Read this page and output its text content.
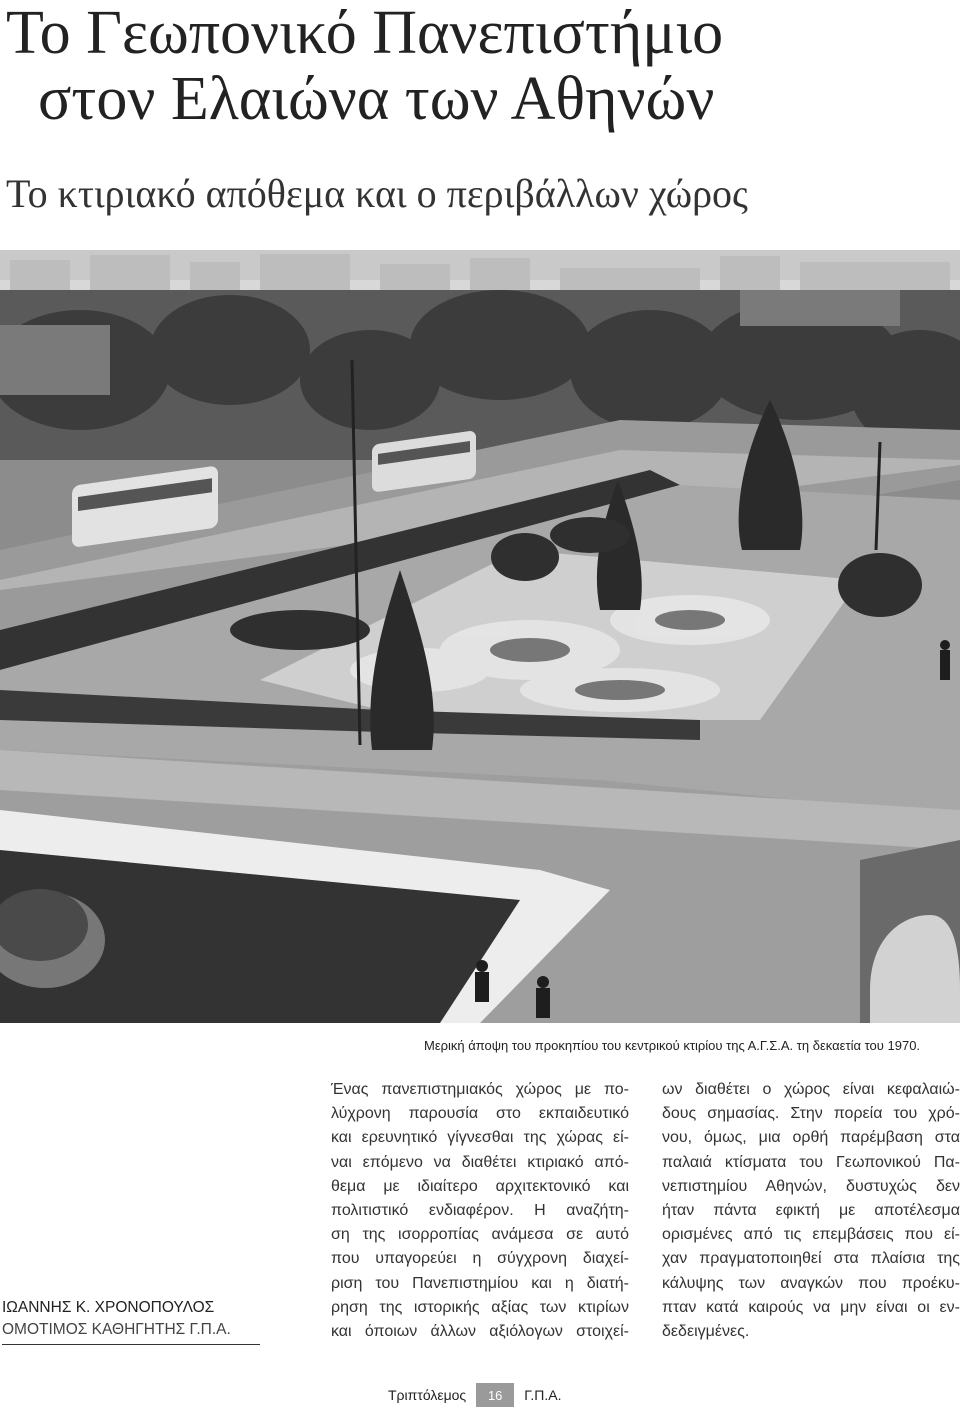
Το Γεωπονικό Πανεπιστήμιο
στον Ελαιώνα των Αθηνών
Το κτιριακό απόθεμα και ο περιβάλλων χώρος
Μερική άποψη του προκηπίου του κεντρικού κτιρίου της Α.Γ.Σ.Α. τη δεκαετία του 1970.
ΙΩΑΝΝΗΣ Κ. ΧΡΟΝΟΠΟΥΛΟΣ
ΟΜΟΤΙΜΟΣ ΚΑΘΗΓΗΤΗΣ Γ.Π.Α.
Ένας πανεπιστημιακός χώρος με πο-
λύχρονη παρουσία στο εκπαιδευτικό
και ερευνητικό γίγνεσθαι της χώρας εί-
ναι επόμενο να διαθέτει κτιριακό από-
θεμα με ιδιαίτερο αρχιτεκτονικό και
πολιτιστικό ενδιαφέρον. Η αναζήτη-
ση της ισορροπίας ανάμεσα σε αυτό
που υπαγορεύει η σύγχρονη διαχεί-
ριση του Πανεπιστημίου και η διατή-
ρηση της ιστορικής αξίας των κτιρίων
και όποιων άλλων αξιόλογων στοιχεί-
ων διαθέτει ο χώρος είναι κεφαλαιώ-
δους σημασίας. Στην πορεία του χρό-
νου, όμως, μια ορθή παρέμβαση στα
παλαιά κτίσματα του Γεωπονικού Πα-
νεπιστημίου Αθηνών, δυστυχώς δεν
ήταν πάντα εφικτή με αποτέλεσμα
ορισμένες από τις επεμβάσεις που εί-
χαν πραγματοποιηθεί στα πλαίσια της
κάλυψης των αναγκών που προέκυ-
πταν κατά καιρούς να μην είναι οι εν-
δεδειγμένες.
Τριπτόλεμος	16	Γ.Π.Α.
